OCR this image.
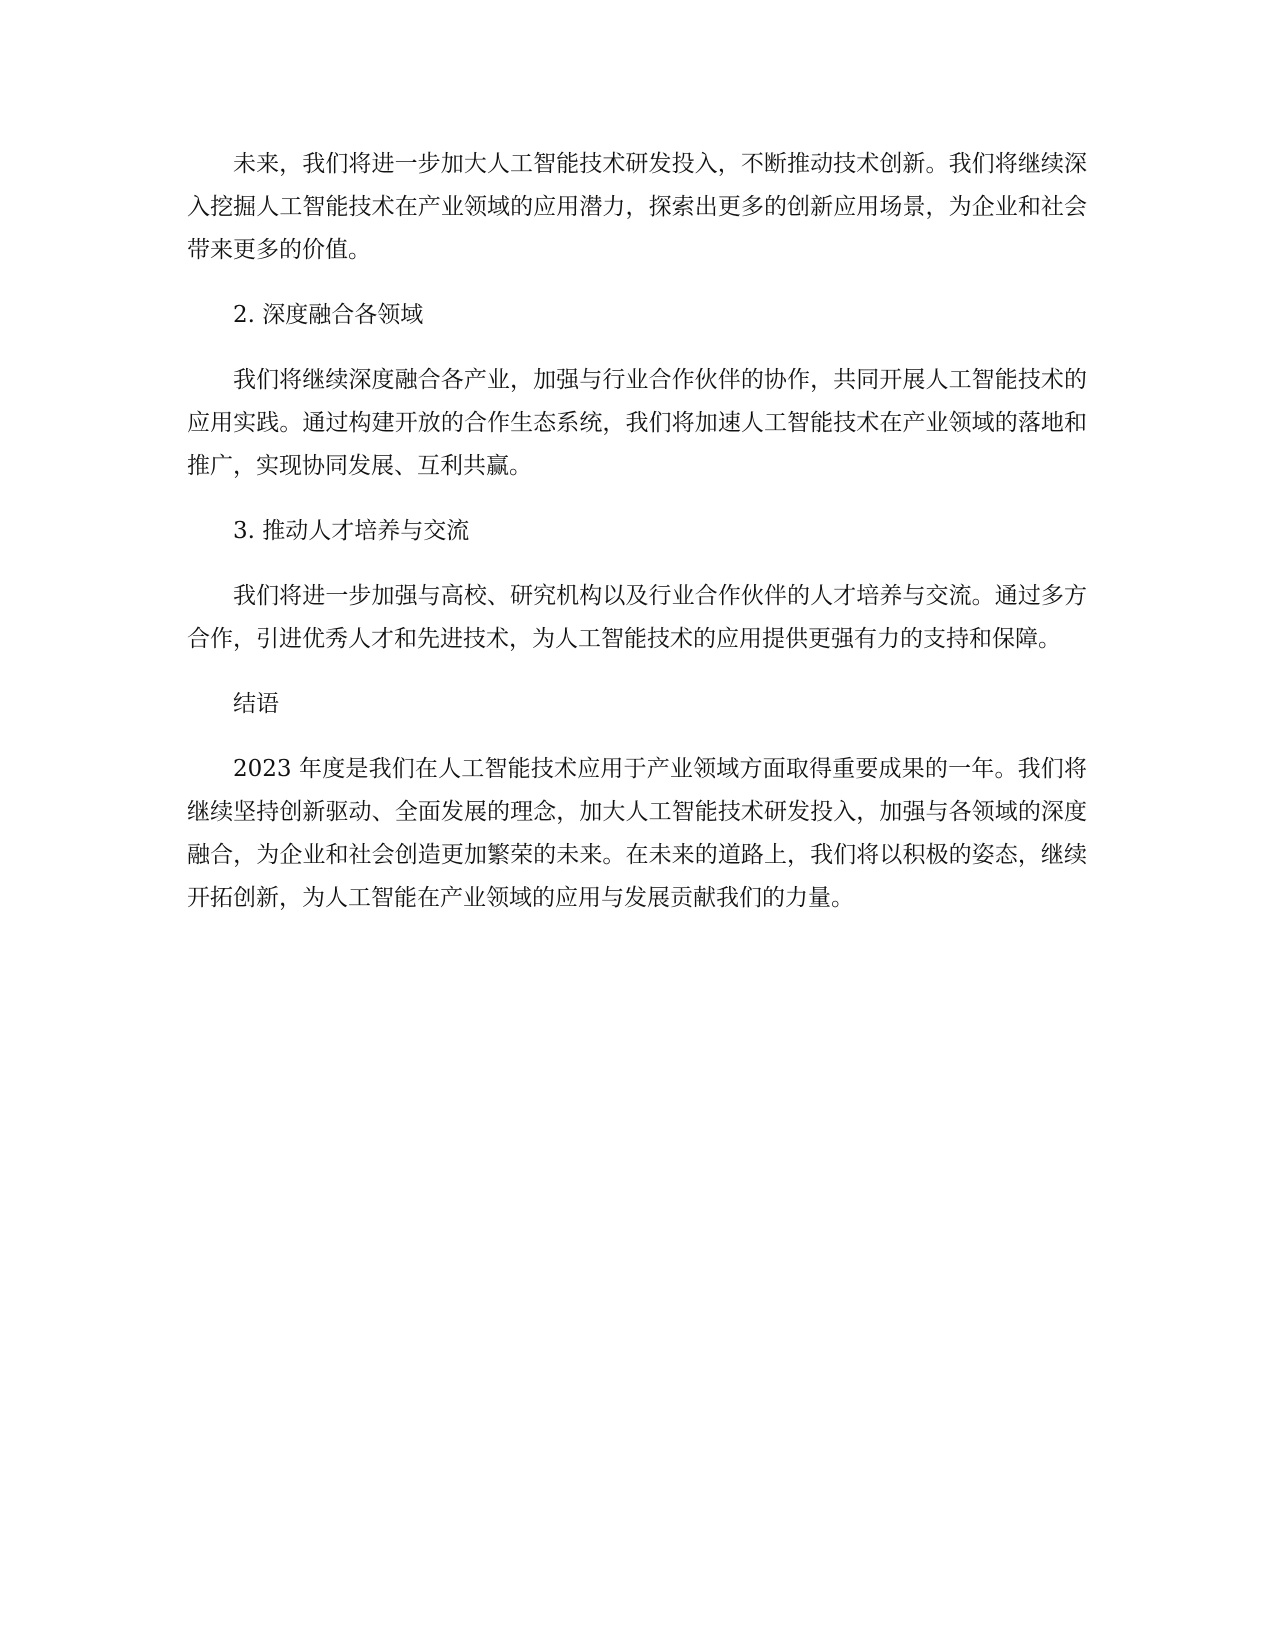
未来，我们将进一步加大人工智能技术研发投入，不断推动技术创新。我们将继续深入挖掘人工智能技术在产业领域的应用潜力，探索出更多的创新应用场景，为企业和社会带来更多的价值。

2. 深度融合各领域

我们将继续深度融合各产业，加强与行业合作伙伴的协作，共同开展人工智能技术的应用实践。通过构建开放的合作生态系统，我们将加速人工智能技术在产业领域的落地和推广，实现协同发展、互利共赢。

3. 推动人才培养与交流

我们将进一步加强与高校、研究机构以及行业合作伙伴的人才培养与交流。通过多方合作，引进优秀人才和先进技术，为人工智能技术的应用提供更强有力的支持和保障。

结语

2023 年度是我们在人工智能技术应用于产业领域方面取得重要成果的一年。我们将继续坚持创新驱动、全面发展的理念，加大人工智能技术研发投入，加强与各领域的深度融合，为企业和社会创造更加繁荣的未来。在未来的道路上，我们将以积极的姿态，继续开拓创新，为人工智能在产业领域的应用与发展贡献我们的力量。
